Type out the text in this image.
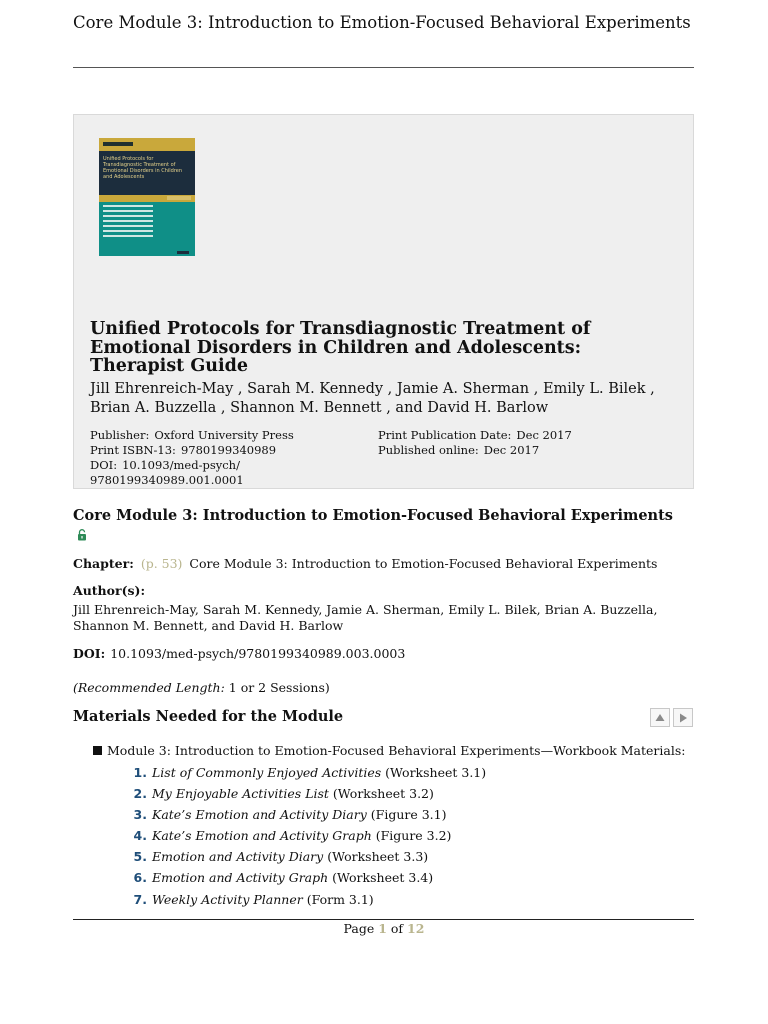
Core Module 3: Introduction to Emotion-Focused Behavioral Experiments
Unified Protocols for Transdiagnostic Treatment of Emotional Disorders in Children and Adolescents
Unified Protocols for Transdiagnostic Treatment of Emotional Disorders in Children and Adolescents: Therapist Guide
Jill Ehrenreich-May , Sarah M. Kennedy , Jamie A. Sherman , Emily L. Bilek , Brian A. Buzzella , Shannon M. Bennett , and David H. Barlow
Publisher: Oxford University Press
Print ISBN-13: 9780199340989
DOI: 10.1093/med-psych/ 9780199340989.001.0001
Print Publication Date: Dec 2017
Published online: Dec 2017
Core Module 3: Introduction to Emotion-Focused Behavioral Experiments
Chapter: (p. 53) Core Module 3: Introduction to Emotion-Focused Behavioral Experiments
Author(s):
Jill Ehrenreich-May, Sarah M. Kennedy, Jamie A. Sherman, Emily L. Bilek, Brian A. Buzzella, Shannon M. Bennett, and David H. Barlow
DOI: 10.1093/med-psych/9780199340989.003.0003
(Recommended Length: 1 or 2 Sessions)
Materials Needed for the Module
Module 3: Introduction to Emotion-Focused Behavioral Experiments—Workbook Materials:
1. List of Commonly Enjoyed Activities (Worksheet 3.1)
2. My Enjoyable Activities List (Worksheet 3.2)
3. Kate’s Emotion and Activity Diary (Figure 3.1)
4. Kate’s Emotion and Activity Graph (Figure 3.2)
5. Emotion and Activity Diary (Worksheet 3.3)
6. Emotion and Activity Graph (Worksheet 3.4)
7. Weekly Activity Planner (Form 3.1)
Page 1 of 12
